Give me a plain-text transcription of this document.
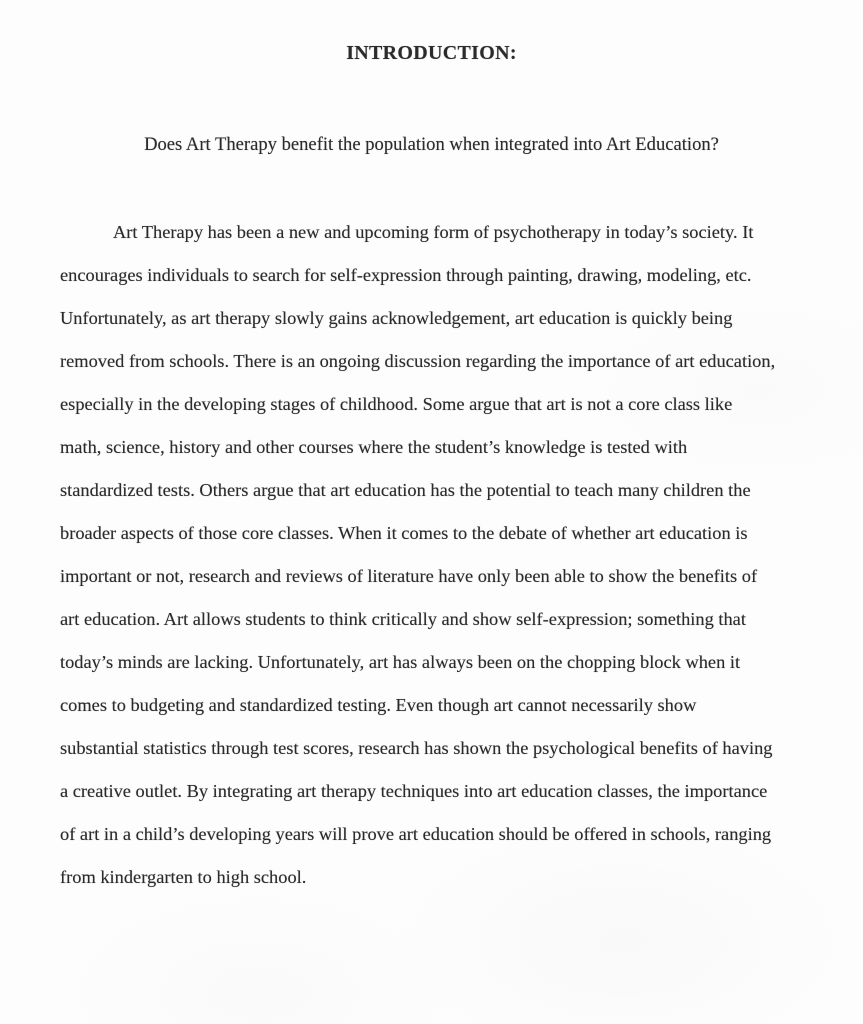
INTRODUCTION:

Does Art Therapy benefit the population when integrated into Art Education?

Art Therapy has been a new and upcoming form of psychotherapy in today’s society. It
encourages individuals to search for self-expression through painting, drawing, modeling, etc.
Unfortunately, as art therapy slowly gains acknowledgement, art education is quickly being
removed from schools. There is an ongoing discussion regarding the importance of art education,
especially in the developing stages of childhood. Some argue that art is not a core class like
math, science, history and other courses where the student’s knowledge is tested with
standardized tests. Others argue that art education has the potential to teach many children the
broader aspects of those core classes. When it comes to the debate of whether art education is
important or not, research and reviews of literature have only been able to show the benefits of
art education. Art allows students to think critically and show self-expression; something that
today’s minds are lacking. Unfortunately, art has always been on the chopping block when it
comes to budgeting and standardized testing. Even though art cannot necessarily show
substantial statistics through test scores, research has shown the psychological benefits of having
a creative outlet. By integrating art therapy techniques into art education classes, the importance
of art in a child’s developing years will prove art education should be offered in schools, ranging
from kindergarten to high school.
